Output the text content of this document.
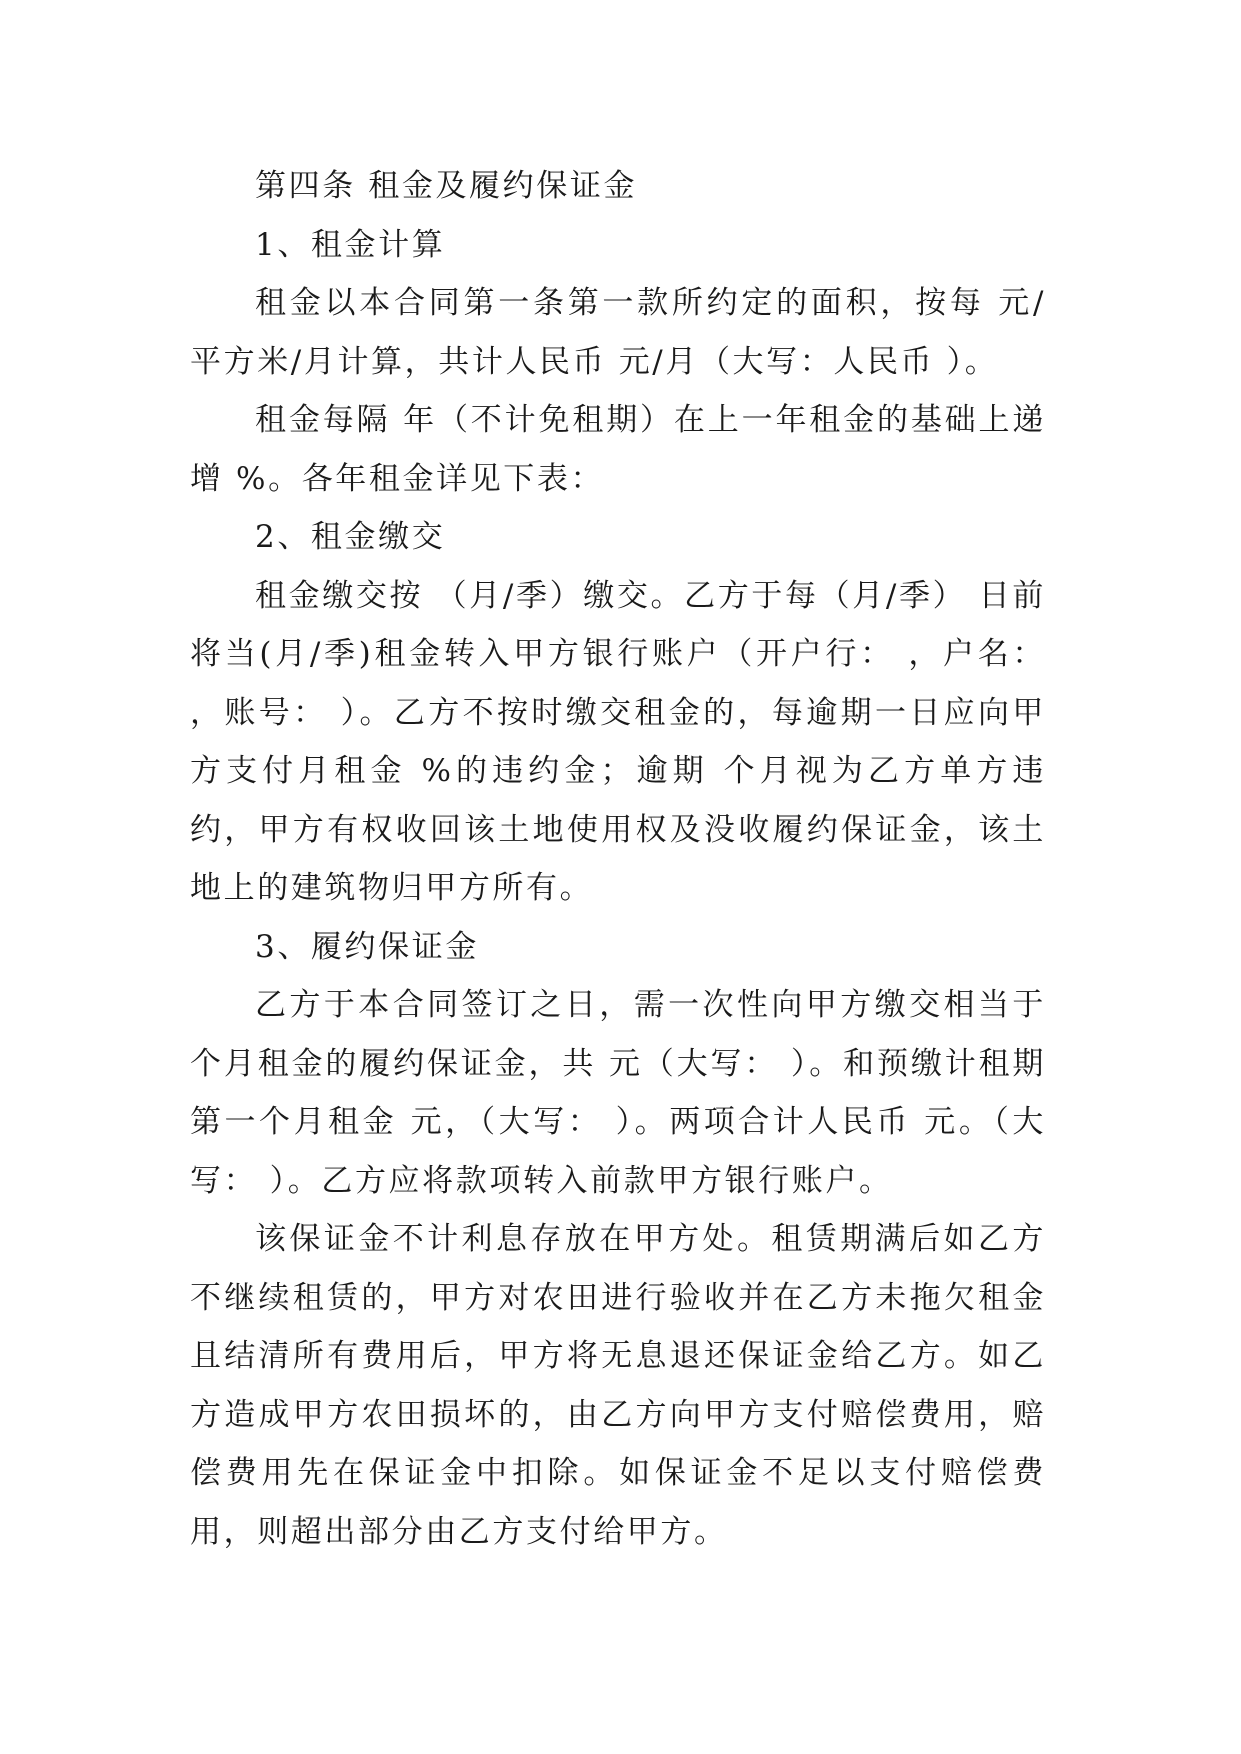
第四条 租金及履约保证金

1、租金计算

租金以本合同第一条第一款所约定的面积，按每 元/平方米/月计算，共计人民币 元/月（大写：人民币 ）。

租金每隔 年（不计免租期）在上一年租金的基础上递增 %。各年租金详见下表：

2、租金缴交

租金缴交按 （月/季）缴交。乙方于每（月/季） 日前将当(月/季)租金转入甲方银行账户（开户行： ，户名： ，账号： ）。乙方不按时缴交租金的，每逾期一日应向甲方支付月租金 %的违约金；逾期 个月视为乙方单方违约，甲方有权收回该土地使用权及没收履约保证金，该土地上的建筑物归甲方所有。

3、履约保证金

乙方于本合同签订之日，需一次性向甲方缴交相当于 个月租金的履约保证金，共 元（大写： ）。和预缴计租期第一个月租金 元，（大写： ）。两项合计人民币 元。（大写： ）。乙方应将款项转入前款甲方银行账户。

该保证金不计利息存放在甲方处。租赁期满后如乙方不继续租赁的，甲方对农田进行验收并在乙方未拖欠租金且结清所有费用后，甲方将无息退还保证金给乙方。如乙方造成甲方农田损坏的，由乙方向甲方支付赔偿费用，赔偿费用先在保证金中扣除。如保证金不足以支付赔偿费用，则超出部分由乙方支付给甲方。
